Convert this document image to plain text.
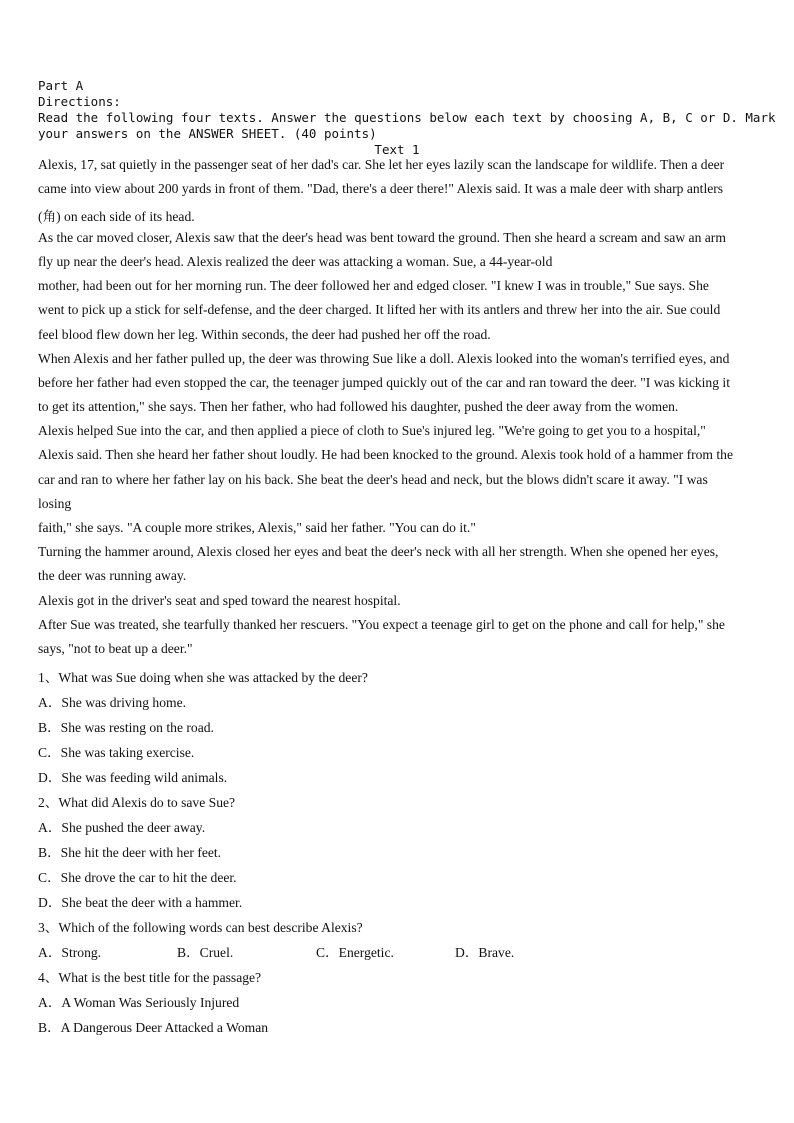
Part A
Directions:
Read the following four texts. Answer the questions below each text by choosing A, B, C or D. Mark
your answers on the ANSWER SHEET. (40 points)
Text 1
Alexis, 17, sat quietly in the passenger seat of her dad's car. She let her eyes lazily scan the landscape for wildlife. Then a deer
came into view about 200 yards in front of them. "Dad, there's a deer there!" Alexis said. It was a male deer with sharp antlers
(角) on each side of its head.
As the car moved closer, Alexis saw that the deer's head was bent toward the ground. Then she heard a scream and saw an arm
fly up near the deer's head. Alexis realized the deer was attacking a woman. Sue, a 44-year-old
mother, had been out for her morning run. The deer followed her and edged closer. "I knew I was in trouble," Sue says. She
went to pick up a stick for self-defense, and the deer charged. It lifted her with its antlers and threw her into the air. Sue could
feel blood flew down her leg. Within seconds, the deer had pushed her off the road.
When Alexis and her father pulled up, the deer was throwing Sue like a doll. Alexis looked into the woman's terrified eyes, and
before her father had even stopped the car, the teenager jumped quickly out of the car and ran toward the deer. "I was kicking it
to get its attention," she says. Then her father, who had followed his daughter, pushed the deer away from the women.
Alexis helped Sue into the car, and then applied a piece of cloth to Sue's injured leg. "We're going to get you to a hospital,"
Alexis said. Then she heard her father shout loudly. He had been knocked to the ground. Alexis took hold of a hammer from the
car and ran to where her father lay on his back. She beat the deer's head and neck, but the blows didn't scare it away. "I was
losing
faith," she says. "A couple more strikes, Alexis," said her father. "You can do it."
Turning the hammer around, Alexis closed her eyes and beat the deer's neck with all her strength. When she opened her eyes,
the deer was running away.
Alexis got in the driver's seat and sped toward the nearest hospital.
After Sue was treated, she tearfully thanked her rescuers. "You expect a teenage girl to get on the phone and call for help," she
says, "not to beat up a deer."
1、What was Sue doing when she was attacked by the deer?
A．She was driving home.
B．She was resting on the road.
C．She was taking exercise.
D．She was feeding wild animals.
2、What did Alexis do to save Sue?
A．She pushed the deer away.
B．She hit the deer with her feet.
C．She drove the car to hit the deer.
D．She beat the deer with a hammer.
3、Which of the following words can best describe Alexis?
A．Strong.	B．Cruel.	C．Energetic.	D．Brave.
4、What is the best title for the passage?
A．A Woman Was Seriously Injured
B．A Dangerous Deer Attacked a Woman
